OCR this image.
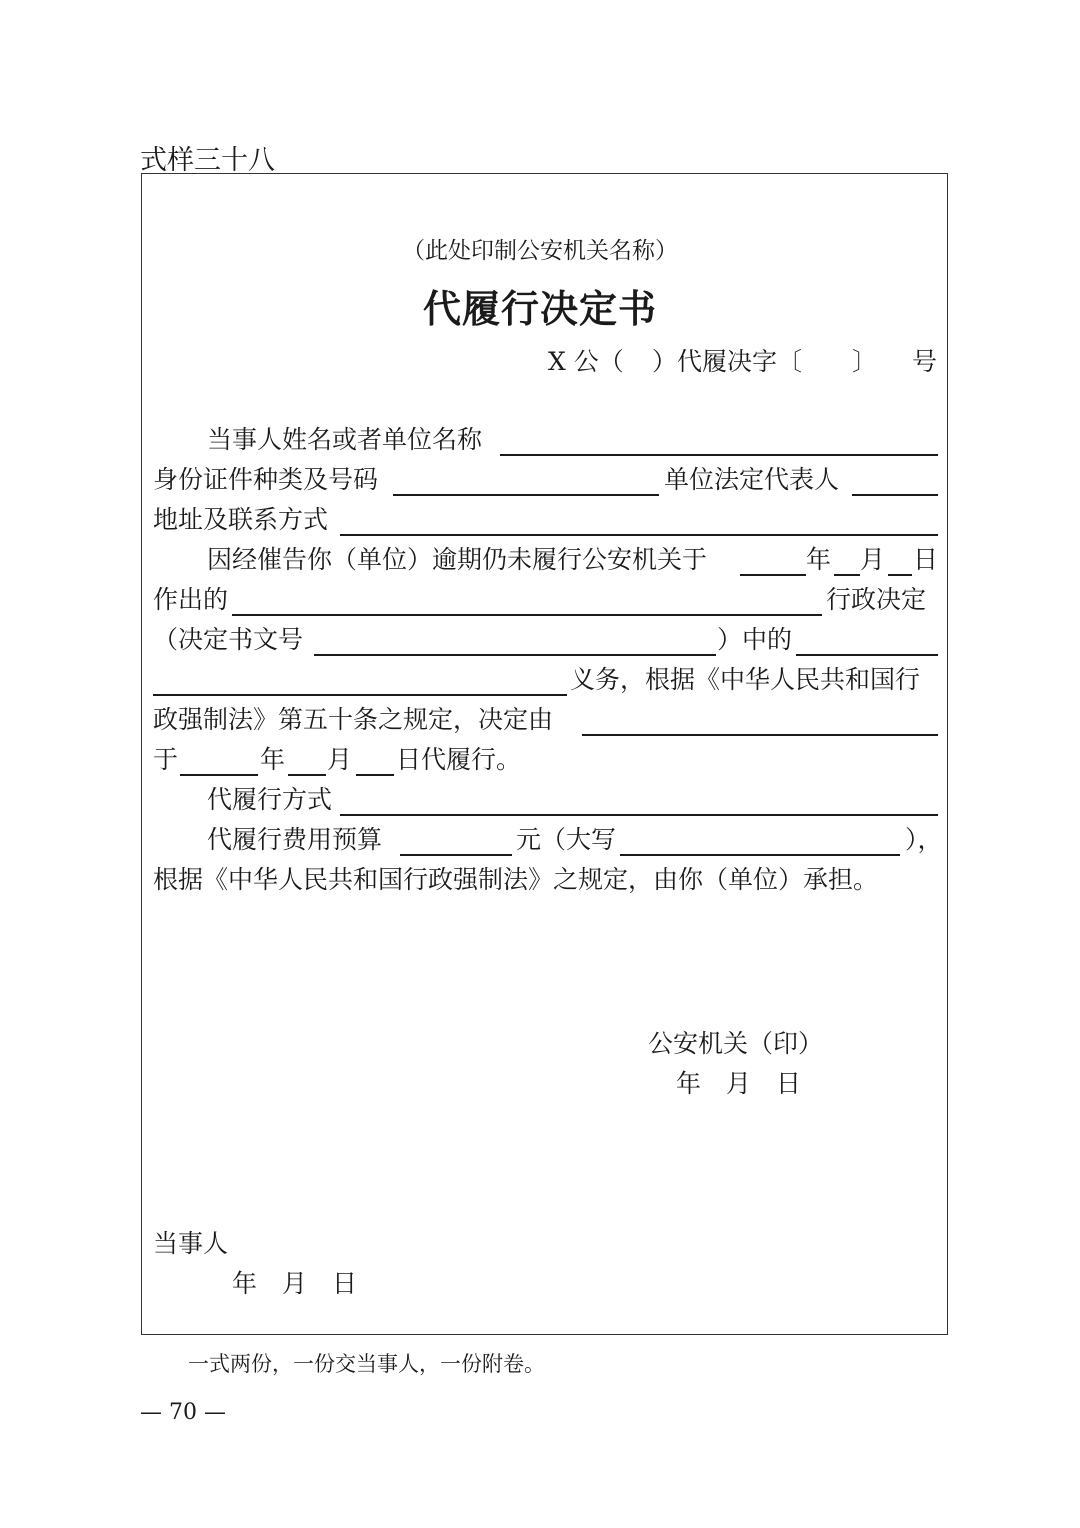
式样三十八
（此处印制公安机关名称）
代履行决定书
X 公（ ）代履决字〔 〕 号
当事人姓名或者单位名称
身份证件种类及号码	单位法定代表人
地址及联系方式
因经催告你（单位）逾期仍未履行公安机关于	年 月 日
作出的	行政决定
（决定书文号	）中的
义务，根据《中华人民共和国行
政强制法》第五十条之规定，决定由
于	年 月 日代履行。
代履行方式
代履行费用预算	元（大写	），
根据《中华人民共和国行政强制法》之规定，由你（单位）承担。
公安机关（印）
年　月　日
当事人
年　月　日
一式两份，一份交当事人，一份附卷。
— 70 —
